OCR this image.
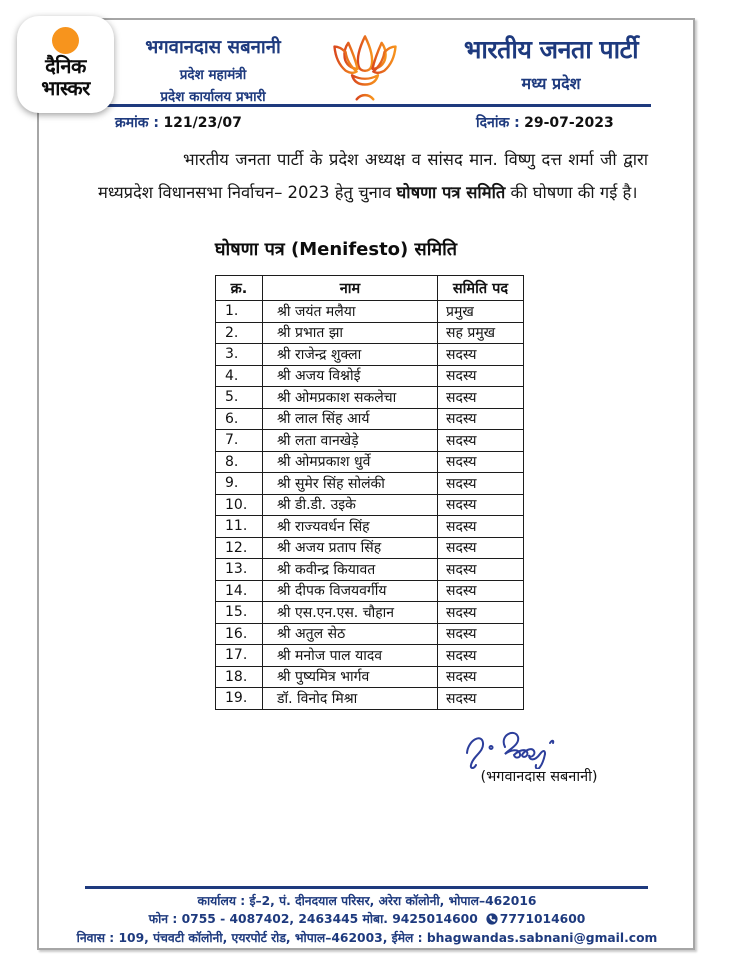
दैनिक
भास्कर
भगवानदास सबनानी
प्रदेश महामंत्री
प्रदेश कार्यालय प्रभारी
भारतीय जनता पार्टी
मध्य प्रदेश
क्रमांक : 121/23/07	दिनांक : 29-07-2023
भारतीय जनता पार्टी के प्रदेश अध्यक्ष व सांसद मान. विष्णु दत्त शर्मा जी द्वारा मध्यप्रदेश विधानसभा निर्वाचन– 2023 हेतु चुनाव घोषणा पत्र समिति की घोषणा की गई है।
घोषणा पत्र (Menifesto) समिति
क्र.	नाम	समिति पद
1.	श्री जयंत मलैया	प्रमुख
2.	श्री प्रभात झा	सह प्रमुख
3.	श्री राजेन्द्र शुक्ला	सदस्य
4.	श्री अजय विश्नोई	सदस्य
5.	श्री ओमप्रकाश सकलेचा	सदस्य
6.	श्री लाल सिंह आर्य	सदस्य
7.	श्री लता वानखेड़े	सदस्य
8.	श्री ओमप्रकाश धुर्वे	सदस्य
9.	श्री सुमेर सिंह सोलंकी	सदस्य
10.	श्री डी.डी. उइके	सदस्य
11.	श्री राज्यवर्धन सिंह	सदस्य
12.	श्री अजय प्रताप सिंह	सदस्य
13.	श्री कवीन्द्र कियावत	सदस्य
14.	श्री दीपक विजयवर्गीय	सदस्य
15.	श्री एस.एन.एस. चौहान	सदस्य
16.	श्री अतुल सेठ	सदस्य
17.	श्री मनोज पाल यादव	सदस्य
18.	श्री पुष्यमित्र भार्गव	सदस्य
19.	डॉ. विनोद मिश्रा	सदस्य
(भगवानदास सबनानी)
कार्यालय : ई–2, पं. दीनदयाल परिसर, अरेरा कॉलोनी, भोपाल–462016
फोन : 0755 - 4087402, 2463445 मोबा. 9425014600 7771014600
निवास : 109, पंचवटी कॉलोनी, एयरपोर्ट रोड, भोपाल–462003, ईमेल : bhagwandas.sabnani@gmail.com
